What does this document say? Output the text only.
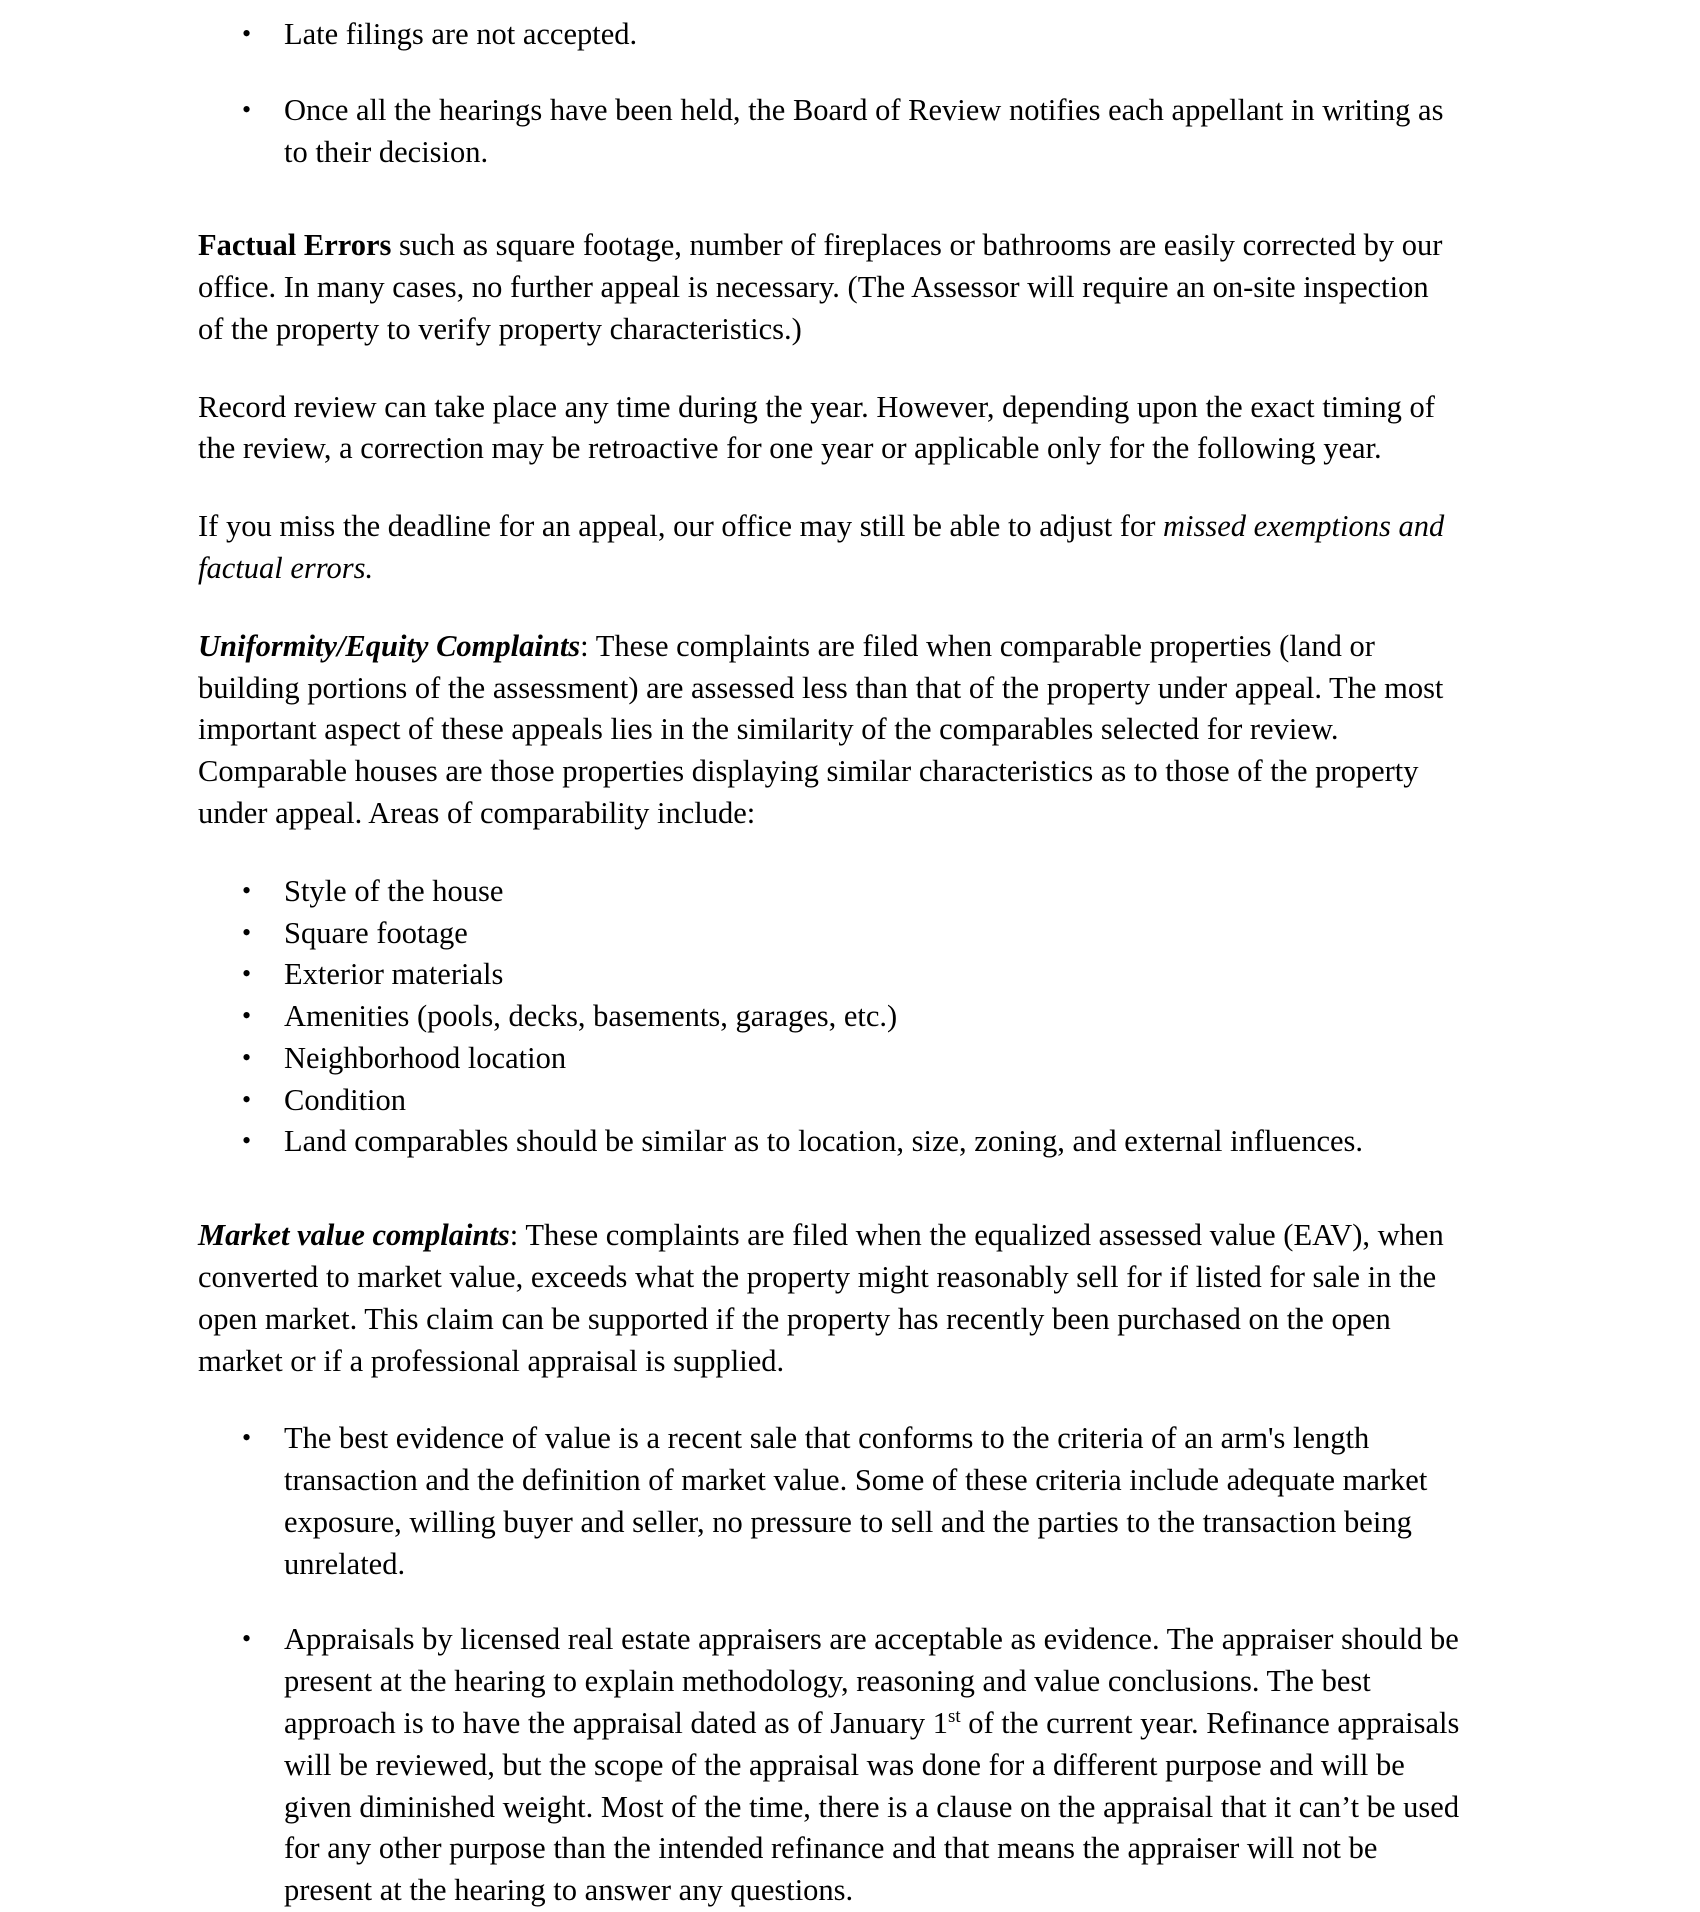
• Late filings are not accepted.
• Once all the hearings have been held, the Board of Review notifies each appellant in writing as to their decision.

Factual Errors such as square footage, number of fireplaces or bathrooms are easily corrected by our office. In many cases, no further appeal is necessary. (The Assessor will require an on-site inspection of the property to verify property characteristics.)

Record review can take place any time during the year. However, depending upon the exact timing of the review, a correction may be retroactive for one year or applicable only for the following year.

If you miss the deadline for an appeal, our office may still be able to adjust for missed exemptions and factual errors.

Uniformity/Equity Complaints: These complaints are filed when comparable properties (land or building portions of the assessment) are assessed less than that of the property under appeal. The most important aspect of these appeals lies in the similarity of the comparables selected for review. Comparable houses are those properties displaying similar characteristics as to those of the property under appeal. Areas of comparability include:

• Style of the house
• Square footage
• Exterior materials
• Amenities (pools, decks, basements, garages, etc.)
• Neighborhood location
• Condition
• Land comparables should be similar as to location, size, zoning, and external influences.

Market value complaints: These complaints are filed when the equalized assessed value (EAV), when converted to market value, exceeds what the property might reasonably sell for if listed for sale in the open market. This claim can be supported if the property has recently been purchased on the open market or if a professional appraisal is supplied.

• The best evidence of value is a recent sale that conforms to the criteria of an arm's length transaction and the definition of market value. Some of these criteria include adequate market exposure, willing buyer and seller, no pressure to sell and the parties to the transaction being unrelated.
• Appraisals by licensed real estate appraisers are acceptable as evidence. The appraiser should be present at the hearing to explain methodology, reasoning and value conclusions. The best approach is to have the appraisal dated as of January 1st of the current year. Refinance appraisals will be reviewed, but the scope of the appraisal was done for a different purpose and will be given diminished weight. Most of the time, there is a clause on the appraisal that it can’t be used for any other purpose than the intended refinance and that means the appraiser will not be present at the hearing to answer any questions.
